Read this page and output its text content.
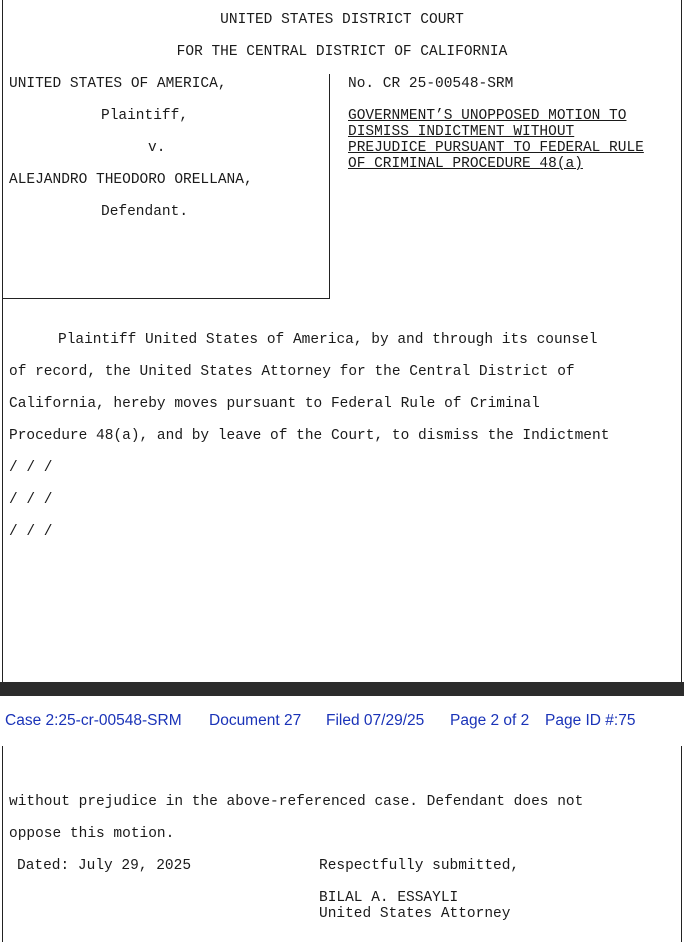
UNITED STATES DISTRICT COURT
FOR THE CENTRAL DISTRICT OF CALIFORNIA
UNITED STATES OF AMERICA,
Plaintiff,
v.
ALEJANDRO THEODORO ORELLANA,
Defendant.
No. CR 25-00548-SRM
GOVERNMENT’S UNOPPOSED MOTION TO
DISMISS INDICTMENT WITHOUT
PREJUDICE PURSUANT TO FEDERAL RULE
OF CRIMINAL PROCEDURE 48(a)
Plaintiff United States of America, by and through its counsel
of record, the United States Attorney for the Central District of
California, hereby moves pursuant to Federal Rule of Criminal
Procedure 48(a), and by leave of the Court, to dismiss the Indictment
/ / /
/ / /
/ / /
Case 2:25-cr-00548-SRM Document 27 Filed 07/29/25 Page 2 of 2 Page ID #:75
without prejudice in the above-referenced case. Defendant does not
oppose this motion.
Dated: July 29, 2025	Respectfully submitted,
BILAL A. ESSAYLI
United States Attorney
